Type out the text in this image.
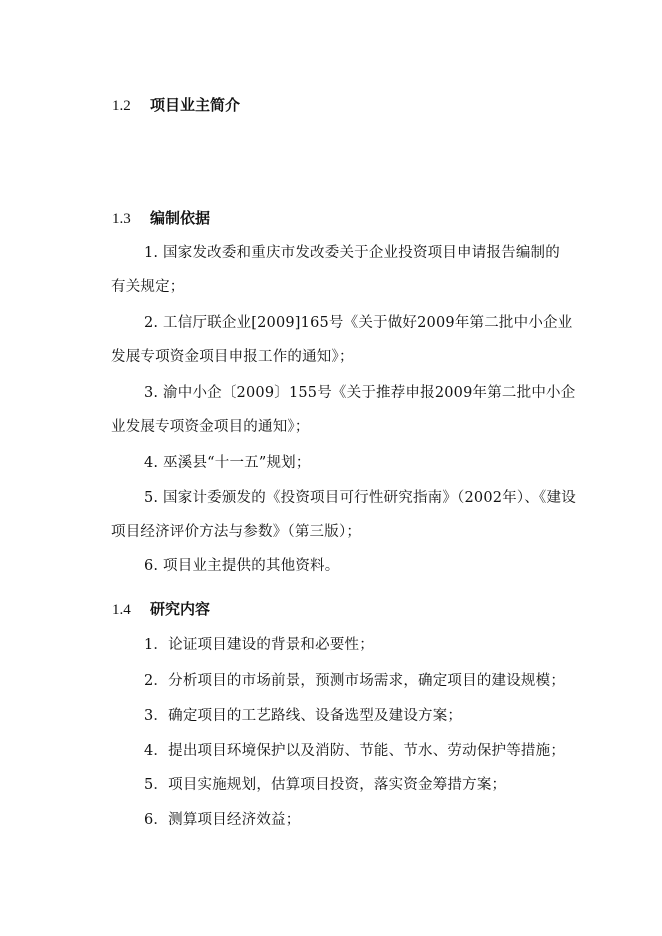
1.2 项目业主简介
1.3 编制依据
1. 国家发改委和重庆市发改委关于企业投资项目申请报告编制的
有关规定；
2. 工信厅联企业[2009]165号《关于做好2009年第二批中小企业
发展专项资金项目申报工作的通知》；
3. 渝中小企〔2009〕155号《关于推荐申报2009年第二批中小企
业发展专项资金项目的通知》；
4. 巫溪县“十一五”规划；
5. 国家计委颁发的《投资项目可行性研究指南》（2002年）、《建设
项目经济评价方法与参数》（第三版）；
6. 项目业主提供的其他资料。
1.4 研究内容
1．论证项目建设的背景和必要性；
2．分析项目的市场前景，预测市场需求，确定项目的建设规模；
3．确定项目的工艺路线、设备选型及建设方案；
4．提出项目环境保护以及消防、节能、节水、劳动保护等措施；
5．项目实施规划，估算项目投资，落实资金筹措方案；
6．测算项目经济效益；
